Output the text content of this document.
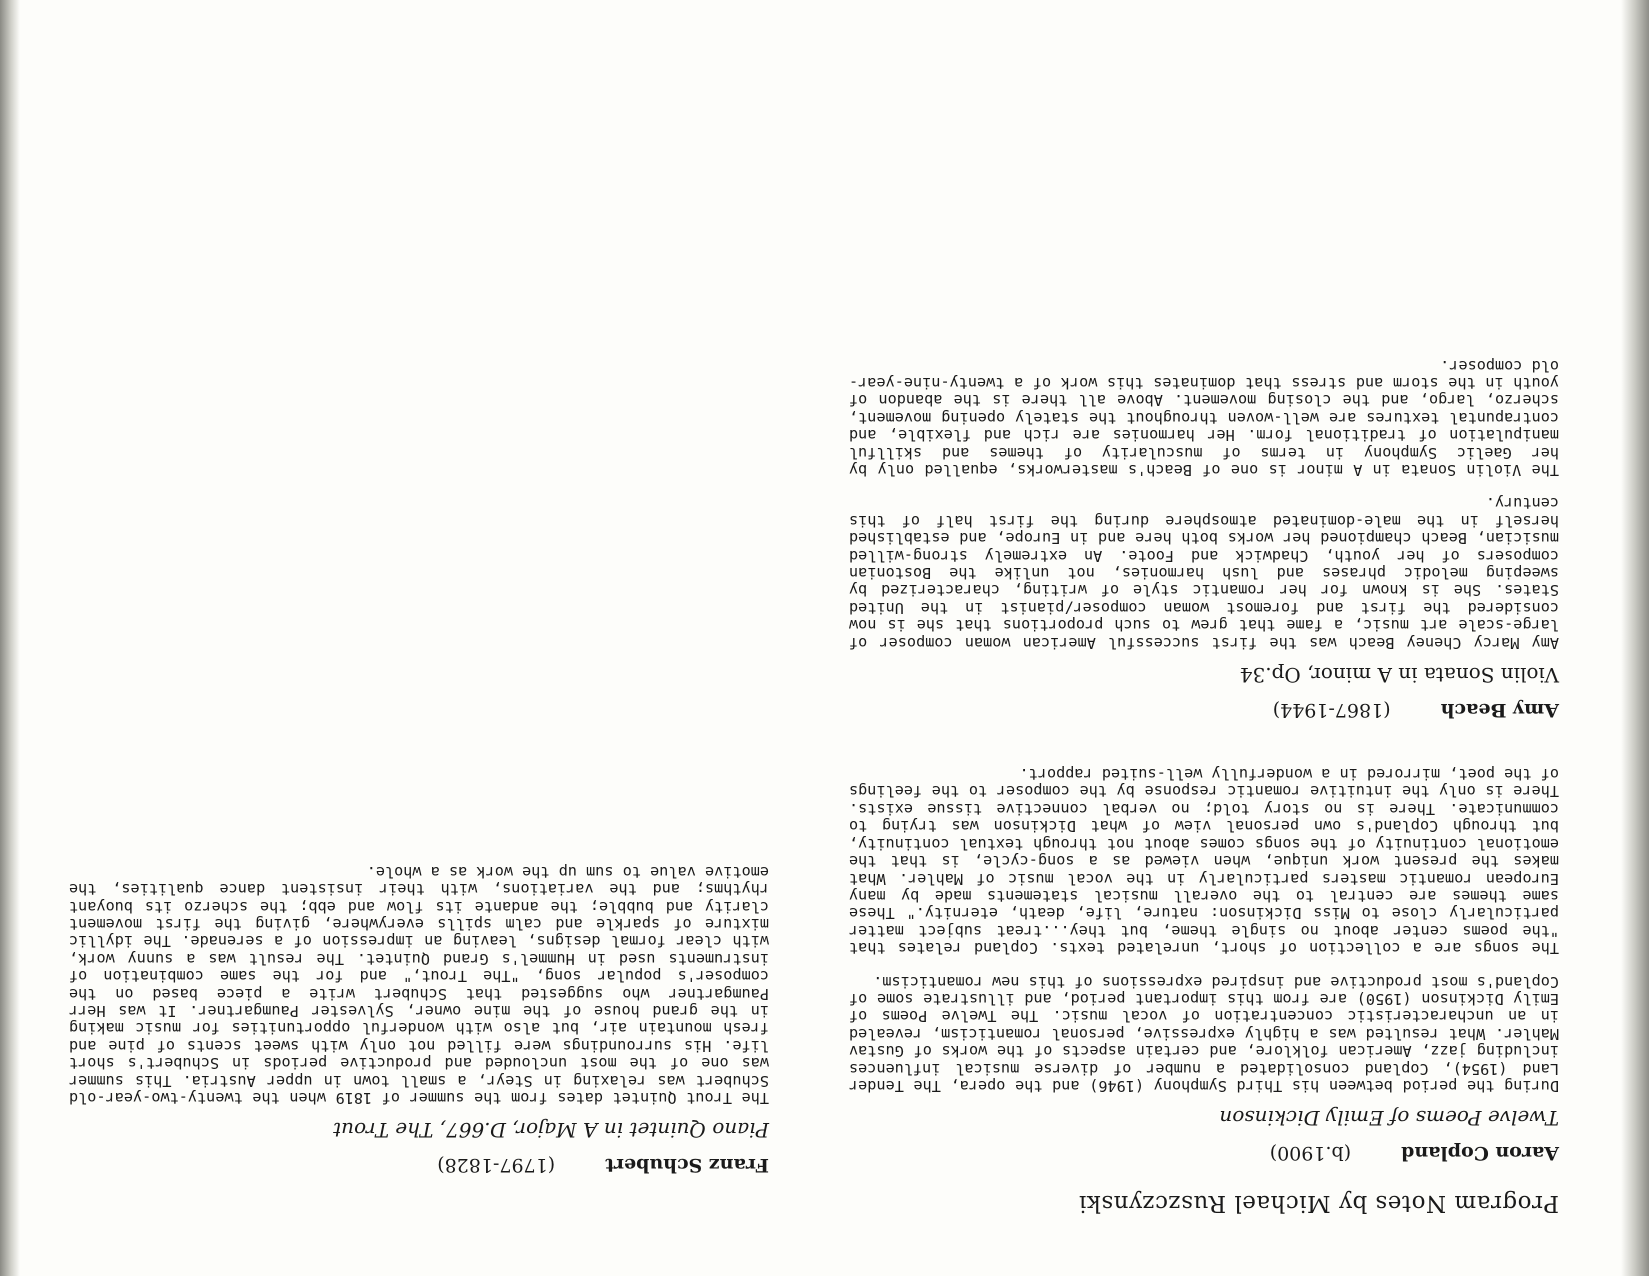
Program Notes by Michael Ruszczynski
Aaron Copland (b.1900)
Twelve Poems of Emily Dickinson

During the period between his Third Symphony (1946) and the opera, The Tender Land (1954), Copland consolidated a number of diverse musical influences including jazz, American folklore, and certain aspects of the works of Gustav Mahler. What resulted was a highly expressive, personal romanticism, revealed in an uncharacteristic concentration of vocal music. The Twelve Poems of Emily Dickinson (1950) are from this important period, and illustrate some of Copland's most productive and inspired expressions of this new romanticism.

The songs are a collection of short, unrelated texts. Copland relates that "the poems center about no single theme, but they...treat subject matter particularly close to Miss Dickinson: nature, life, death, eternity." These same themes are central to the overall musical statements made by many European romantic masters particularly in the vocal music of Mahler. What makes the present work unique, when viewed as a song-cycle, is that the emotional continuity of the songs comes about not through textual continuity, but through Copland's own personal view of what Dickinson was trying to communicate. There is no story told; no verbal connective tissue exists. There is only the intuitive romantic response by the composer to the feelings of the poet, mirrored in a wonderfully well-suited rapport.

Amy Beach (1867-1944)
Violin Sonata in A minor, Op.34

Amy Marcy Cheney Beach was the first successful American woman composer of large-scale art music, a fame that grew to such proportions that she is now considered the first and foremost woman composer/pianist in the United States. She is known for her romantic style of writing, characterized by sweeping melodic phrases and lush harmonies, not unlike the Bostonian composers of her youth, Chadwick and Foote. An extremely strong-willed musician, Beach championed her works both here and in Europe, and established herself in the male-dominated atmosphere during the first half of this century.

The Violin Sonata in A minor is one of Beach's masterworks, equalled only by her Gaelic Symphony in terms of muscularity of themes and skillful manipulation of traditional form. Her harmonies are rich and flexible, and contrapuntal textures are well-woven throughout the stately opening movement, scherzo, largo, and the closing movement. Above all there is the abandon of youth in the storm and stress that dominates this work of a twenty-nine-year-old composer.

Franz Schubert (1797-1828)
Piano Quintet in A Major, D.667, The Trout

The Trout Quintet dates from the summer of 1819 when the twenty-two-year-old Schubert was relaxing in Steyr, a small town in upper Austria. This summer was one of the most unclouded and productive periods in Schubert's short life. His surroundings were filled not only with sweet scents of pine and fresh mountain air, but also with wonderful opportunities for music making in the grand house of the mine owner, Sylvester Paumgartner. It was Herr Paumgartner who suggested that Schubert write a piece based on the composer's popular song, "The Trout," and for the same combination of instruments used in Hummel's Grand Quintet. The result was a sunny work, with clear formal designs, leaving an impression of a serenade. The idyllic mixture of sparkle and calm spills everywhere, giving the first movement clarity and bubble; the andante its flow and ebb; the scherzo its buoyant rhythms; and the variations, with their insistent dance qualities, the emotive value to sum up the work as a whole.
